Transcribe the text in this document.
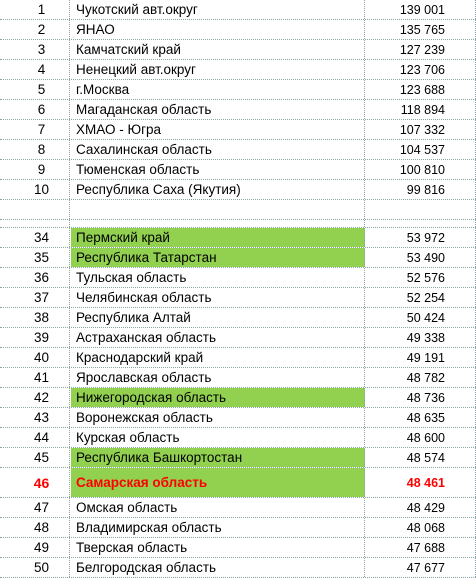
1	Чукотский авт.округ	139 001
2	ЯНАО	135 765
3	Камчатский край	127 239
4	Ненецкий авт.округ	123 706
5	г.Москва	123 688
6	Магаданская область	118 894
7	ХМАО - Югра	107 332
8	Сахалинская область	104 537
9	Тюменская область	100 810
10	Республика Саха (Якутия)	99 816
34	Пермский край	53 972
35	Республика Татарстан	53 490
36	Тульская область	52 576
37	Челябинская область	52 254
38	Республика Алтай	50 424
39	Астраханская область	49 338
40	Краснодарский край	49 191
41	Ярославская область	48 782
42	Нижегородская область	48 736
43	Воронежская область	48 635
44	Курская область	48 600
45	Республика Башкортостан	48 574
46	Самарская область	48 461
47	Омская область	48 429
48	Владимирская область	48 068
49	Тверская область	47 688
50	Белгородская область	47 677
